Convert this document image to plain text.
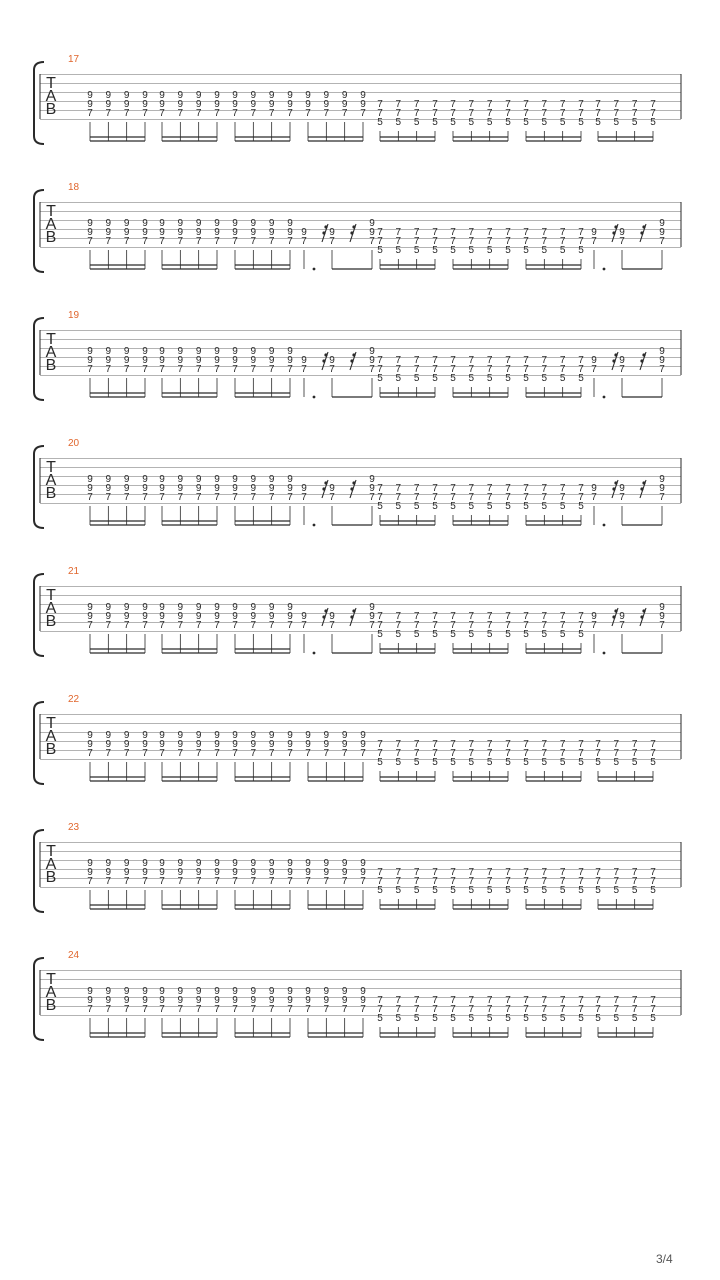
17
T
A
B
9
9
7
9
9
7
9
9
7
9
9
7
9
9
7
9
9
7
9
9
7
9
9
7
9
9
7
9
9
7
9
9
7
9
9
7
9
9
7
9
9
7
9
9
7
9
9
7
7
7
5
7
7
5
7
7
5
7
7
5
7
7
5
7
7
5
7
7
5
7
7
5
7
7
5
7
7
5
7
7
5
7
7
5
7
7
5
7
7
5
7
7
5
7
7
5
18
T
A
B
9
9
7
9
9
7
9
9
7
9
9
7
9
9
7
9
9
7
9
9
7
9
9
7
9
9
7
9
9
7
9
9
7
9
9
7
9
7
9
7
9
9
7
7
7
5
7
7
5
7
7
5
7
7
5
7
7
5
7
7
5
7
7
5
7
7
5
7
7
5
7
7
5
7
7
5
7
7
5
9
7
9
7
9
9
7
19
T
A
B
9
9
7
9
9
7
9
9
7
9
9
7
9
9
7
9
9
7
9
9
7
9
9
7
9
9
7
9
9
7
9
9
7
9
9
7
9
7
9
7
9
9
7
7
7
5
7
7
5
7
7
5
7
7
5
7
7
5
7
7
5
7
7
5
7
7
5
7
7
5
7
7
5
7
7
5
7
7
5
9
7
9
7
9
9
7
20
T
A
B
9
9
7
9
9
7
9
9
7
9
9
7
9
9
7
9
9
7
9
9
7
9
9
7
9
9
7
9
9
7
9
9
7
9
9
7
9
7
9
7
9
9
7
7
7
5
7
7
5
7
7
5
7
7
5
7
7
5
7
7
5
7
7
5
7
7
5
7
7
5
7
7
5
7
7
5
7
7
5
9
7
9
7
9
9
7
21
T
A
B
9
9
7
9
9
7
9
9
7
9
9
7
9
9
7
9
9
7
9
9
7
9
9
7
9
9
7
9
9
7
9
9
7
9
9
7
9
7
9
7
9
9
7
7
7
5
7
7
5
7
7
5
7
7
5
7
7
5
7
7
5
7
7
5
7
7
5
7
7
5
7
7
5
7
7
5
7
7
5
9
7
9
7
9
9
7
22
T
A
B
9
9
7
9
9
7
9
9
7
9
9
7
9
9
7
9
9
7
9
9
7
9
9
7
9
9
7
9
9
7
9
9
7
9
9
7
9
9
7
9
9
7
9
9
7
9
9
7
7
7
5
7
7
5
7
7
5
7
7
5
7
7
5
7
7
5
7
7
5
7
7
5
7
7
5
7
7
5
7
7
5
7
7
5
7
7
5
7
7
5
7
7
5
7
7
5
23
T
A
B
9
9
7
9
9
7
9
9
7
9
9
7
9
9
7
9
9
7
9
9
7
9
9
7
9
9
7
9
9
7
9
9
7
9
9
7
9
9
7
9
9
7
9
9
7
9
9
7
7
7
5
7
7
5
7
7
5
7
7
5
7
7
5
7
7
5
7
7
5
7
7
5
7
7
5
7
7
5
7
7
5
7
7
5
7
7
5
7
7
5
7
7
5
7
7
5
24
T
A
B
9
9
7
9
9
7
9
9
7
9
9
7
9
9
7
9
9
7
9
9
7
9
9
7
9
9
7
9
9
7
9
9
7
9
9
7
9
9
7
9
9
7
9
9
7
9
9
7
7
7
5
7
7
5
7
7
5
7
7
5
7
7
5
7
7
5
7
7
5
7
7
5
7
7
5
7
7
5
7
7
5
7
7
5
7
7
5
7
7
5
7
7
5
7
7
5
3/4
